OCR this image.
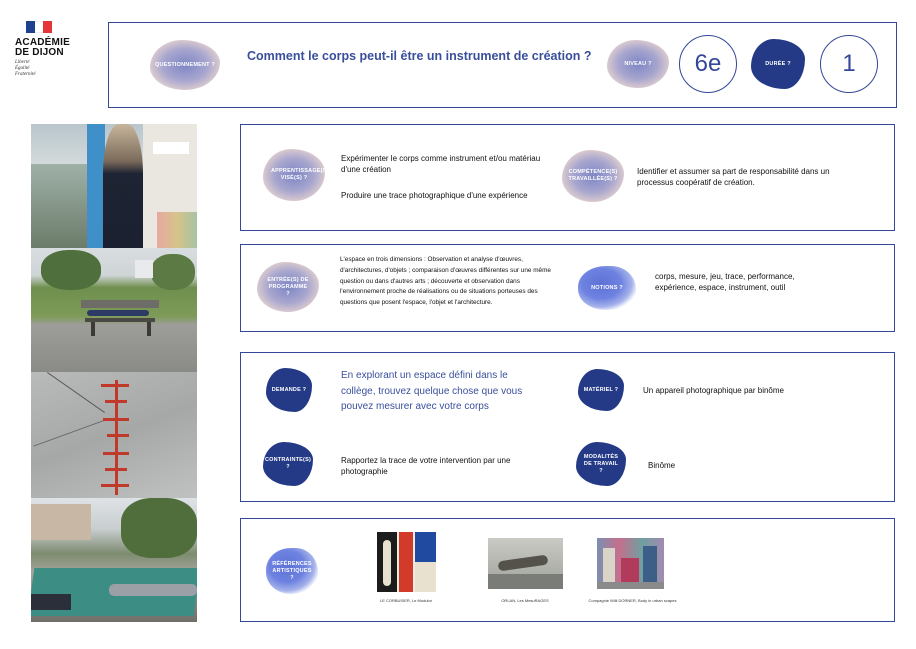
ACADÉMIE
DE DIJON
Liberté
Égalité
Fraternité
QUESTIONNEMENT ?
Comment le corps peut-il être un instrument de création ?
NIVEAU ?	6e	DURÉE ?	1
APPRENTISSAGE(S) VISÉ(S) ?
Expérimenter le corps comme instrument et/ou matériau d'une création
Produire une trace photographique d'une expérience
COMPÉTENCE(S) TRAVAILLÉE(S) ?
Identifier et assumer sa part de responsabilité dans un processus coopératif de création.
ENTRÉE(S) DE PROGRAMME ?
L'espace en trois dimensions : Observation et analyse d'œuvres, d'architectures, d'objets ; comparaison d'œuvres différentes sur une même question ou dans d'autres arts ; découverte et observation dans l'environnement proche de réalisations ou de situations porteuses des questions que posent l'espace, l'objet et l'architecture.
NOTIONS ?
corps, mesure, jeu, trace, performance, expérience, espace, instrument, outil
DEMANDE ?
En explorant un espace défini dans le collège, trouvez quelque chose que vous pouvez mesurer avec votre corps
CONTRAINTE(S) ?
Rapportez la trace de votre intervention par une photographie
MATÉRIEL ?	Un appareil photographique par binôme
MODALITÉS DE TRAVAIL ?
Binôme
RÉFÉRENCES ARTISTIQUES ?
LE CORBUSIER, Le Modulor	ORLAN, Les MesuRAGES	Compagnie Willi DORNER, Body in urban scapes
